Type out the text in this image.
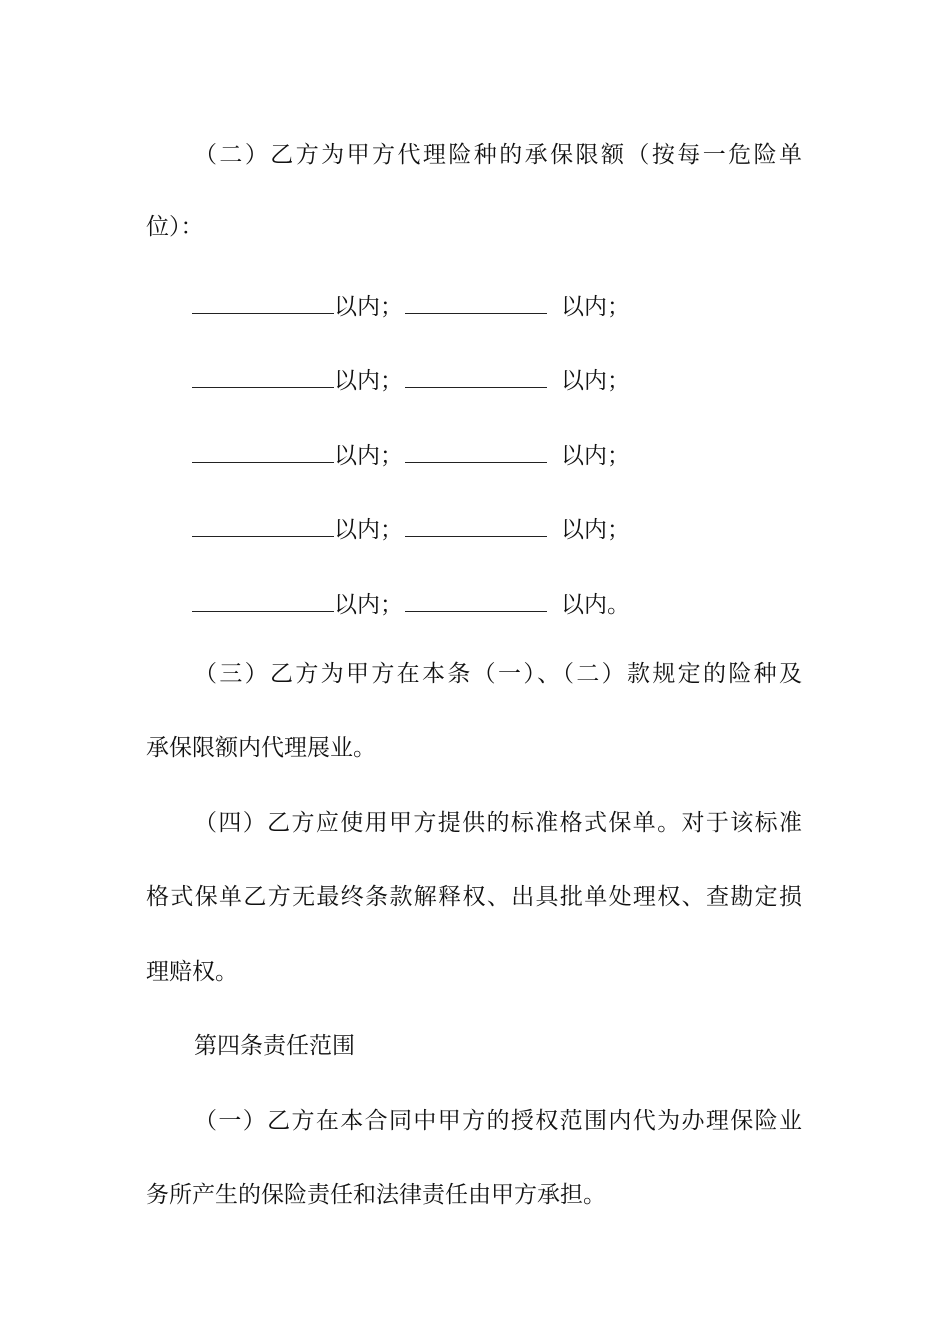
（二）乙方为甲方代理险种的承保限额（按每一危险单
位）：
以内；	以内；
以内；	以内；
以内；	以内；
以内；	以内；
以内；	以内。
（三）乙方为甲方在本条（一）、（二）款规定的险种及
承保限额内代理展业。
（四）乙方应使用甲方提供的标准格式保单。对于该标准
格式保单乙方无最终条款解释权、出具批单处理权、查勘定损
理赔权。
第四条责任范围
（一）乙方在本合同中甲方的授权范围内代为办理保险业
务所产生的保险责任和法律责任由甲方承担。
